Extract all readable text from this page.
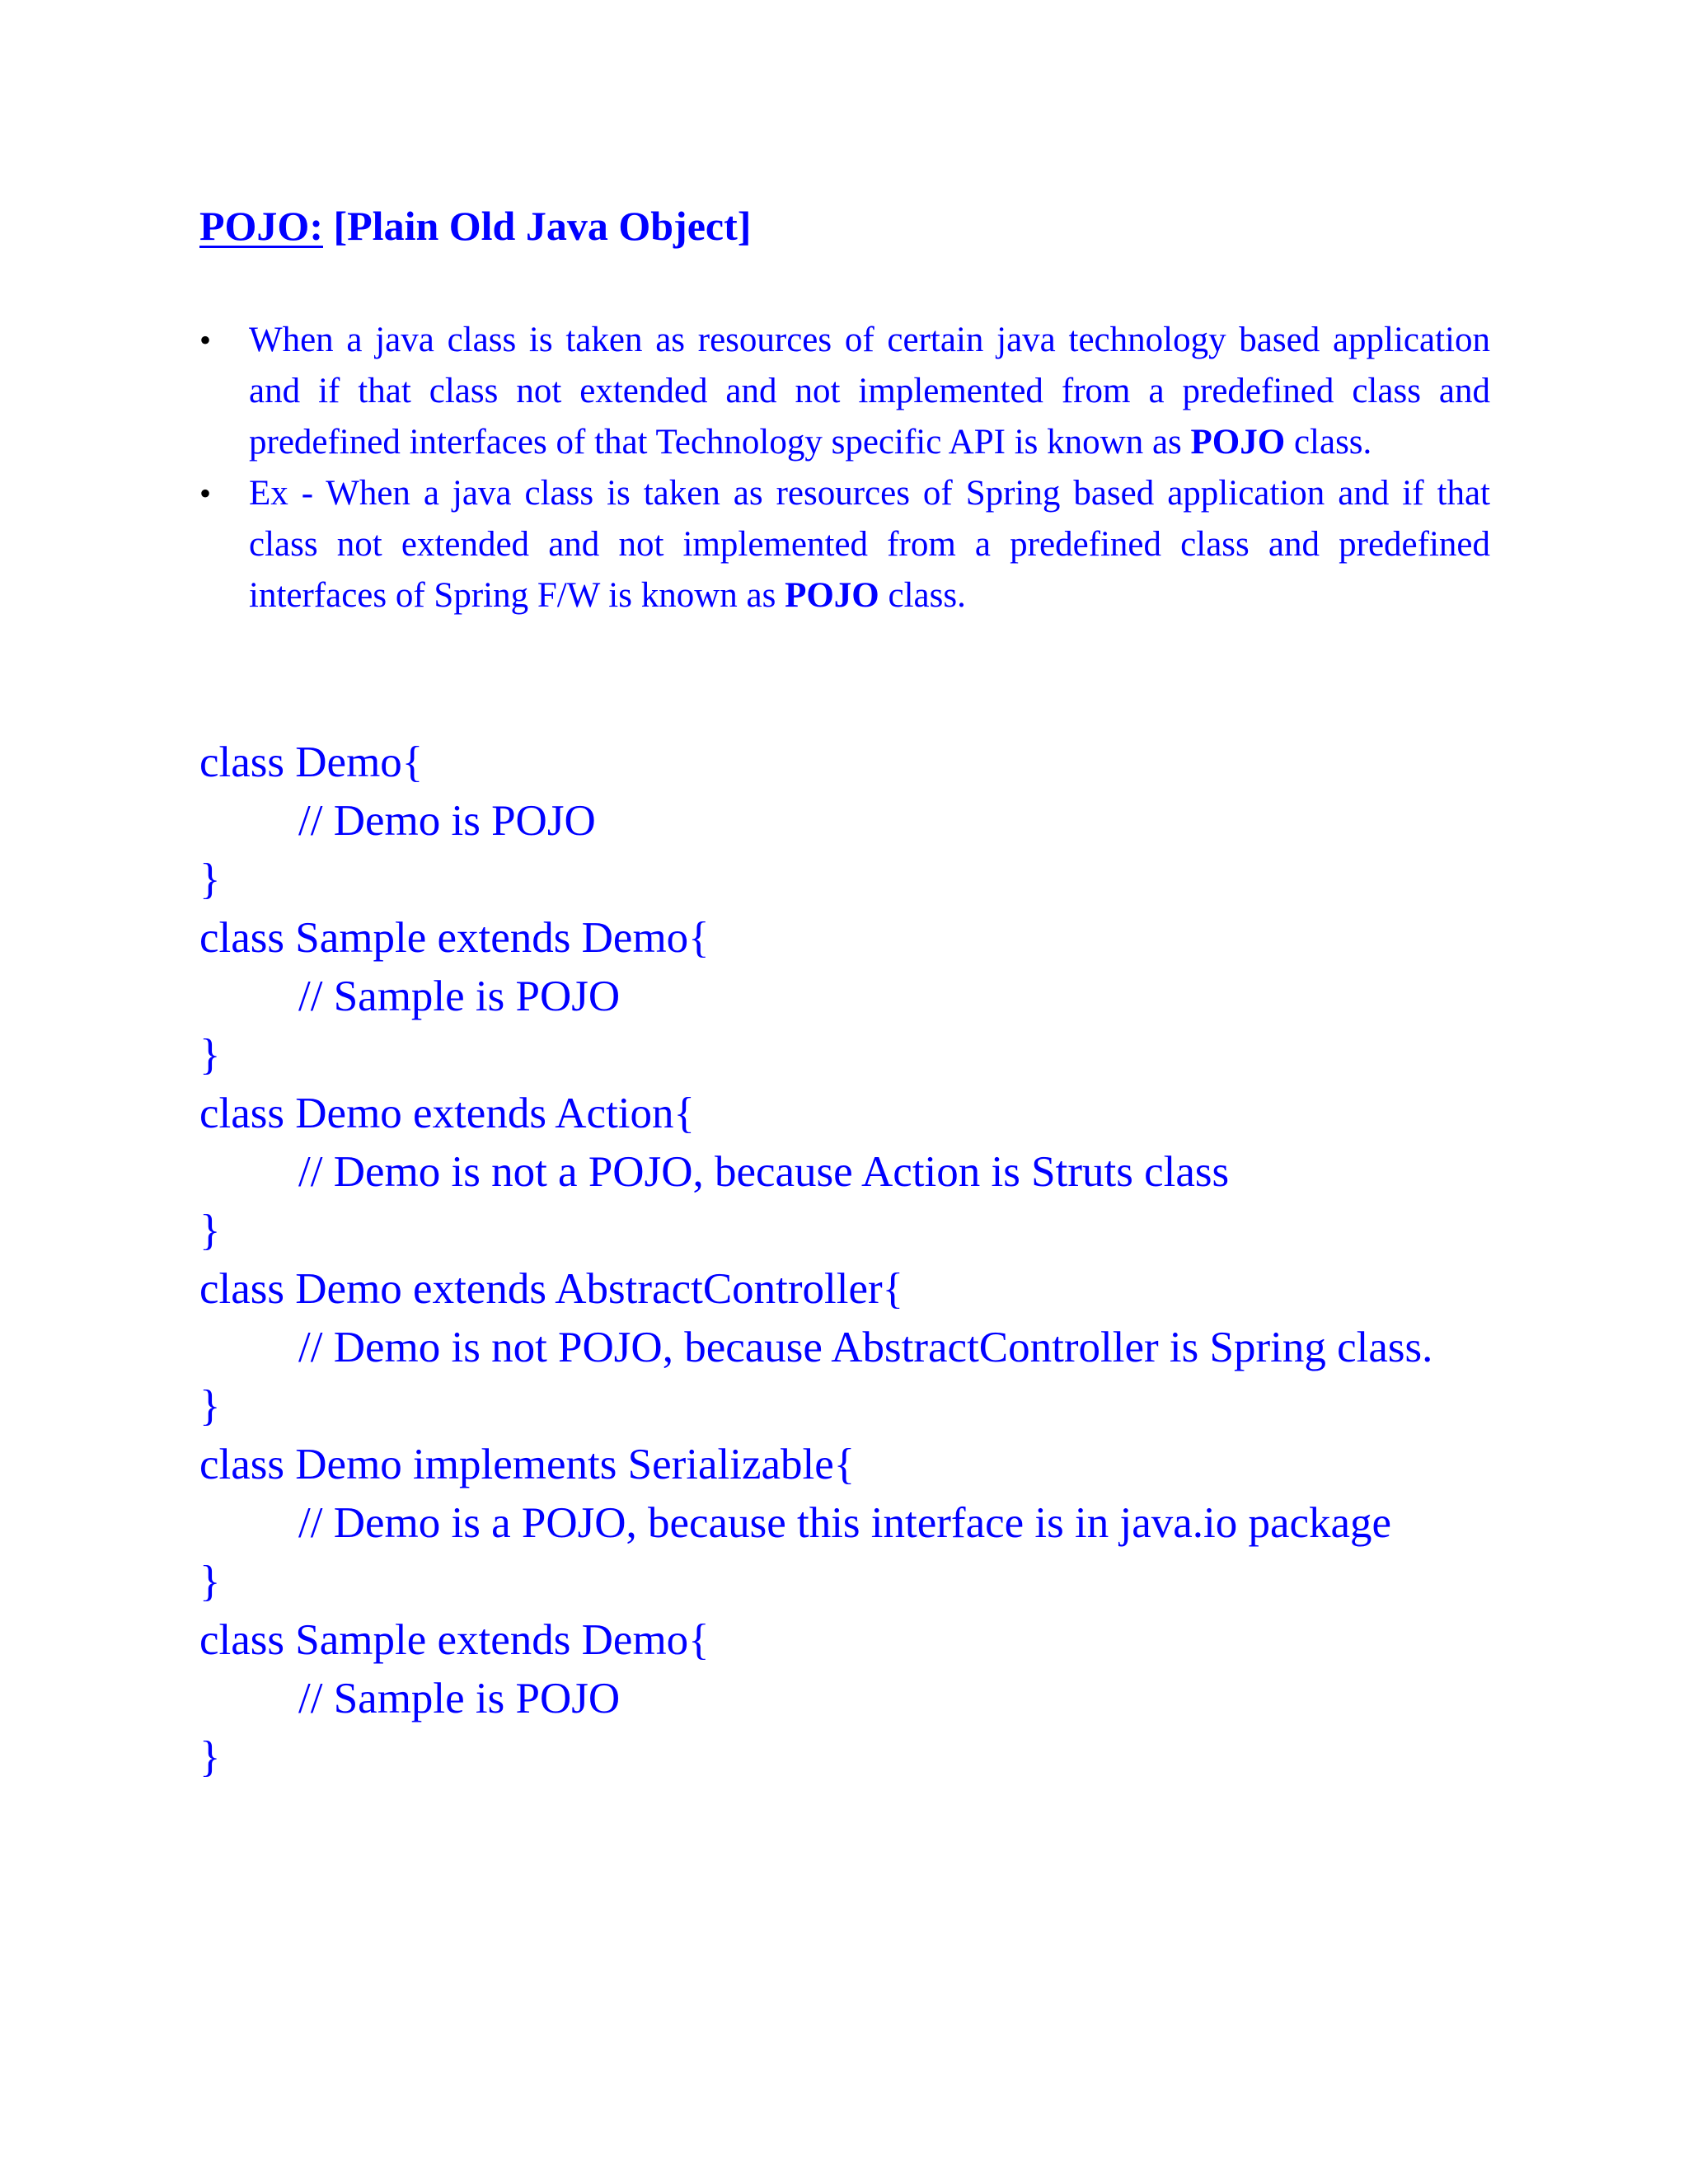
POJO: [Plain Old Java Object]
•	When a java class is taken as resources of certain java technology based application and if that class not extended and not implemented from a predefined class and predefined interfaces of that Technology specific API is known as POJO class.
•	Ex - When a java class is taken as resources of Spring based application and if that class not extended and not implemented from a predefined class and predefined interfaces of Spring F/W is known as POJO class.
class Demo{
// Demo is POJO
}
class Sample extends Demo{
// Sample is POJO
}
class Demo extends Action{
// Demo is not a POJO, because Action is Struts class
}
class Demo extends AbstractController{
// Demo is not POJO, because AbstractController is Spring class.
}
class Demo implements Serializable{
// Demo is a POJO, because this interface is in java.io package
}
class Sample extends Demo{
// Sample is POJO
}
